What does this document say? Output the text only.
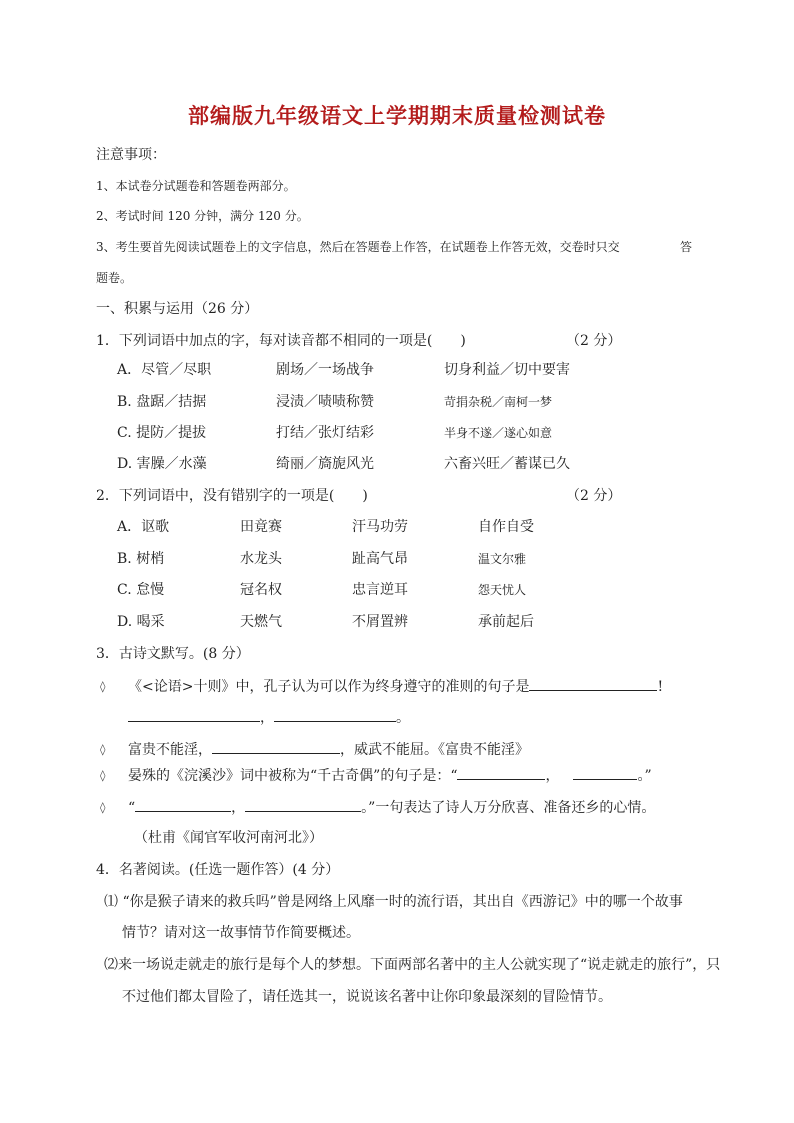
部编版九年级语文上学期期末质量检测试卷
注意事项：
1、本试卷分试题卷和答题卷两部分。
2、考试时间 120 分钟，满分 120 分。
3、考生要首先阅读试题卷上的文字信息，然后在答题卷上作答，在试题卷上作答无效，交卷时只交	答
题卷。
一、积累与运用（26 分）
1．下列词语中加点的字，每对读音都不相同的一项是(　　)	（2 分）
A．尽管／尽职	剧场／一场战争	切身利益／切中要害
B. 盘踞／拮据	浸渍／啧啧称赞	苛捐杂税／南柯一梦
C. 提防／提拔	打结／张灯结彩	半身不遂／遂心如意
D. 害臊／水藻	绮丽／旖旎风光	六畜兴旺／蓄谋已久
2．下列词语中，没有错别字的一项是(　　)	（2 分）
A．讴歌	田竟赛	汗马功劳	自作自受
B. 树梢	水龙头	趾高气昂	温文尔雅
C. 怠慢	冠名权	忠言逆耳	怨天忧人
D. 喝采	天燃气	不屑置辨	承前起后
3．古诗文默写。(8 分）
◊ 《<论语>十则》中，孔子认为可以作为终身遵守的准则的句子是	!
，	。
◊ 富贵不能淫，	，威武不能屈。《富贵不能淫》
◊ 晏殊的《浣溪沙》词中被称为“千古奇偶”的句子是：“	，	。”
◊ “	，	。”一句表达了诗人万分欣喜、准备还乡的心情。
（杜甫《闻官军收河南河北》）
4．名著阅读。(任选一题作答）(4 分）
⑴ “你是猴子请来的救兵吗”曾是网络上风靡一时的流行语，其出自《西游记》中的哪一个故事
情节？请对这一故事情节作简要概述。
⑵来一场说走就走的旅行是每个人的梦想。下面两部名著中的主人公就实现了“说走就走的旅行”，只
不过他们都太冒险了，请任选其一，说说该名著中让你印象最深刻的冒险情节。
